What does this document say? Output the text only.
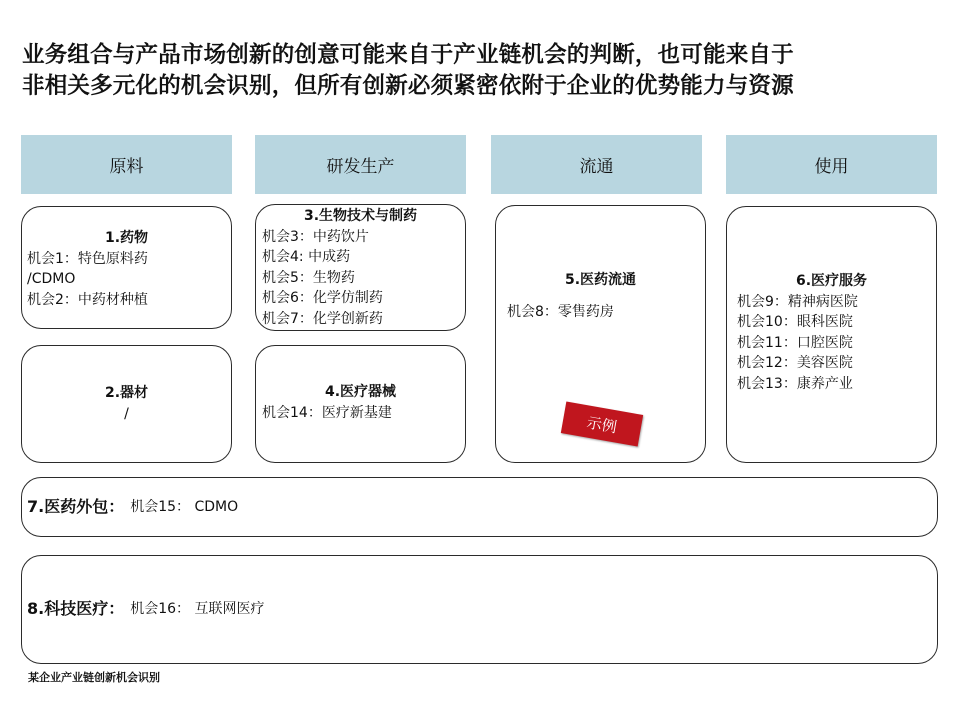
业务组合与产品市场创新的创意可能来自于产业链机会的判断，也可能来自于
非相关多元化的机会识别，但所有创新必须紧密依附于企业的优势能力与资源
原料	研发生产	流通	使用
1.药物
机会1：特色原料药
/CDMO
机会2：中药材种植
3.生物技术与制药
机会3：中药饮片
机会4: 中成药
机会5：生物药
机会6：化学仿制药
机会7：化学创新药
5.医药流通
机会8：零售药房
6.医疗服务
机会9：精神病医院
机会10：眼科医院
机会11：口腔医院
机会12：美容医院
机会13：康养产业
2.器材
/
4.医疗器械
机会14：医疗新基建
7.医药外包： 机会15： CDMO
8.科技医疗： 机会16： 互联网医疗
示例
某企业产业链创新机会识别
